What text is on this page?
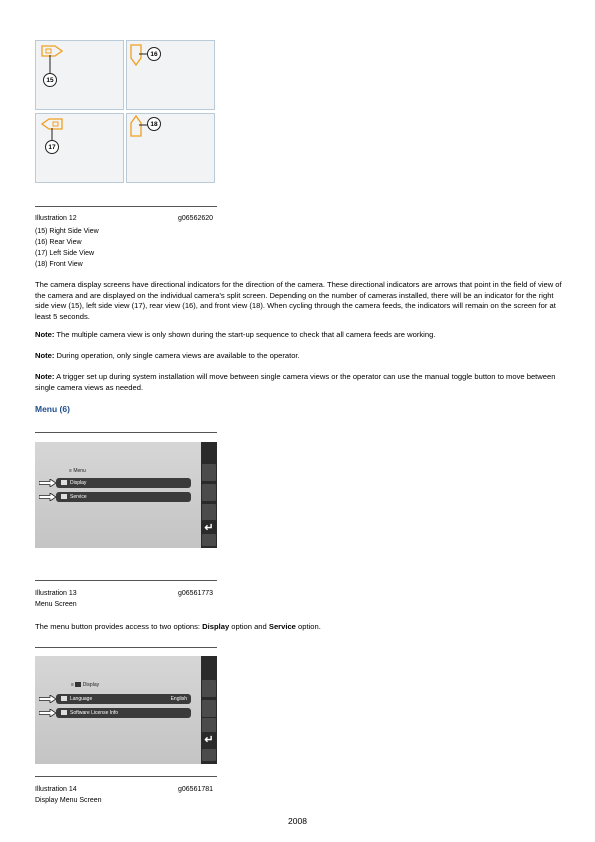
15
16
17
18
Illustration 12	g06562620
(15) Right Side View
(16) Rear View
(17) Left Side View
(18) Front View
The camera display screens have directional indicators for the direction of the camera. These directional indicators are arrows that point in the field of view of the camera and are displayed on the individual camera's split screen. Depending on the number of cameras installed, there will be an indicator for the right side view (15), left side view (17), rear view (16), and front view (18). When cycling through the camera feeds, the indicators will remain on the screen for at least 5 seconds.
Note: The multiple camera view is only shown during the start-up sequence to check that all camera feeds are working.
Note: During operation, only single camera views are available to the operator.
Note: A trigger set up during system installation will move between single camera views or the operator can use the manual toggle button to move between single camera views as needed.
Menu (6)
≡ Menu
Display
Service
↵
Illustration 13	g06561773
Menu Screen
The menu button provides access to two options: Display option and Service option.
≡ Display
Language	English
Software License Info
↵
Illustration 14	g06561781
Display Menu Screen
2008
